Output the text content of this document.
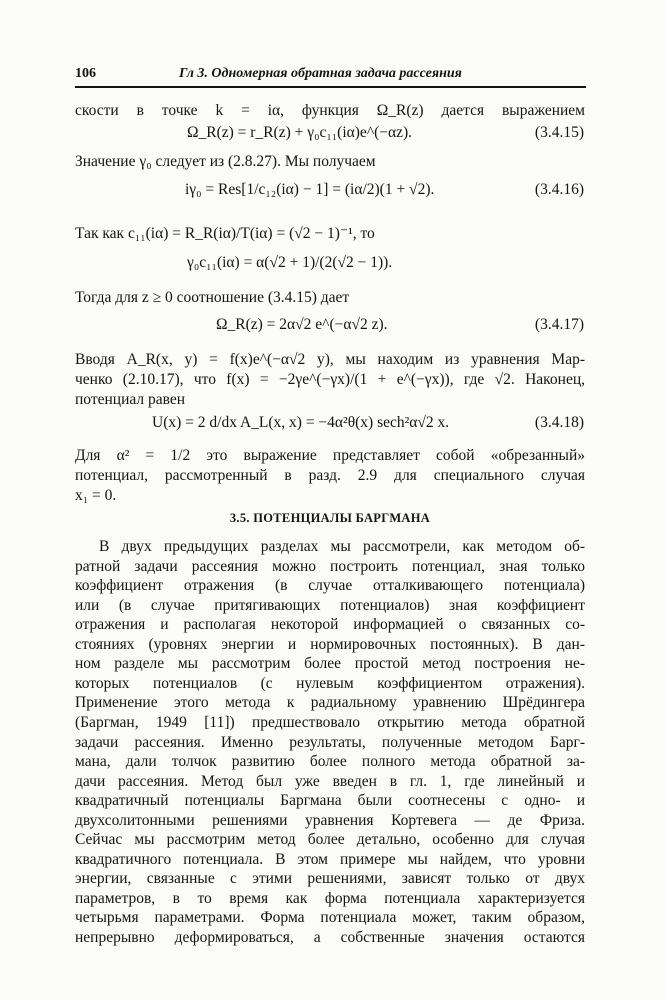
106	Гл 3. Одномерная обратная задача рассеяния
скости в точке k = iα, функция Ω_R(z) дается выражением
Ω_R(z) = r_R(z) + γ₀c₁₁(iα)e^(−αz).	(3.4.15)
Значение γ₀ следует из (2.8.27). Мы получаем
iγ₀ = Res[1/c₁₂(iα) − 1] = (iα/2)(1 + √2).	(3.4.16)
Так как c₁₁(iα) = R_R(iα)/T(iα) = (√2 − 1)⁻¹, то
γ₀c₁₁(iα) = α(√2 + 1)/(2(√2 − 1)).
Тогда для z ≥ 0 соотношение (3.4.15) дает
Ω_R(z) = 2α√2 e^(−α√2 z).	(3.4.17)
Вводя A_R(x, y) = f(x)e^(−α√2 y), мы находим из уравнения Мар-
ченко (2.10.17), что f(x) = −2γe^(−γx)/(1 + e^(−γx)), где √2. Наконец,
потенциал равен
U(x) = 2 d/dx A_L(x, x) = −4α²θ(x) sech²α√2 x.	(3.4.18)
Для α² = 1/2 это выражение представляет собой «обрезанный»
потенциал, рассмотренный в разд. 2.9 для специального случая
x₁ = 0.
3.5. ПОТЕНЦИАЛЫ БАРГМАНА
В двух предыдущих разделах мы рассмотрели, как методом об-
ратной задачи рассеяния можно построить потенциал, зная только
коэффициент отражения (в случае отталкивающего потенциала)
или (в случае притягивающих потенциалов) зная коэффициент
отражения и располагая некоторой информацией о связанных со-
стояниях (уровнях энергии и нормировочных постоянных). В дан-
ном разделе мы рассмотрим более простой метод построения не-
которых потенциалов (с нулевым коэффициентом отражения).
Применение этого метода к радиальному уравнению Шрёдингера
(Баргман, 1949 [11]) предшествовало открытию метода обратной
задачи рассеяния. Именно результаты, полученные методом Барг-
мана, дали толчок развитию более полного метода обратной за-
дачи рассеяния. Метод был уже введен в гл. 1, где линейный и
квадратичный потенциалы Баргмана были соотнесены с одно- и
двухсолитонными решениями уравнения Кортевега — де Фриза.
Сейчас мы рассмотрим метод более детально, особенно для случая
квадратичного потенциала. В этом примере мы найдем, что уровни
энергии, связанные с этими решениями, зависят только от двух
параметров, в то время как форма потенциала характеризуется
четырьмя параметрами. Форма потенциала может, таким образом,
непрерывно деформироваться, а собственные значения остаются
